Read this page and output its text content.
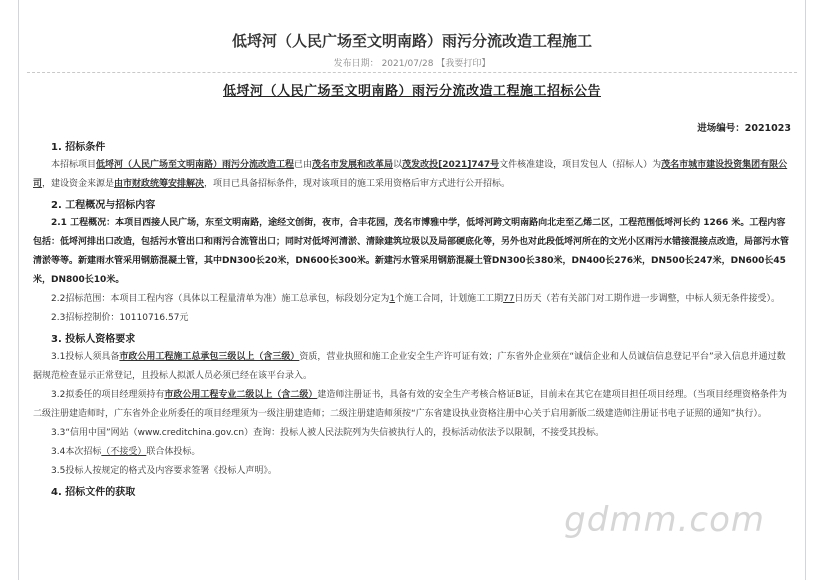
低埒河（人民广场至文明南路）雨污分流改造工程施工
发布日期： 2021/07/28 【我要打印】
低埒河（人民广场至文明南路）雨污分流改造工程施工招标公告
进场编号：2021023

1. 招标条件

本招标项目低埒河（人民广场至文明南路）雨污分流改造工程已由茂名市发展和改革局以茂发改投[2021]747号文件核准建设，项目发包人（招标人）为茂名市城市建设投资集团有限公司，建设资金来源是由市财政统筹安排解决，项目已具备招标条件，现对该项目的施工采用资格后审方式进行公开招标。

2. 工程概况与招标内容

2.1 工程概况：本项目西接人民广场，东至文明南路，途经文创街，夜市，合丰花园，茂名市博雅中学，低埒河跨文明南路向北走至乙烯二区，工程范围低埒河长约 1266 米。工程内容包括：低埒河排出口改造，包括污水管出口和雨污合流管出口；同时对低埒河清淤、清除建筑垃圾以及局部硬底化等，另外也对此段低埒河所在的文光小区雨污水错接混接点改造，局部污水管清淤等等。新建雨水管采用钢筋混凝土管，其中DN300长20米，DN600长300米。新建污水管采用钢筋混凝土管DN300长380米，DN400长276米，DN500长247米，DN600长45米，DN800长10米。

2.2招标范围：本项目工程内容（具体以工程量清单为准）施工总承包，标段划分定为1个施工合同，计划施工工期77日历天（若有关部门对工期作进一步调整，中标人须无条件接受）。

2.3招标控制价：10110716.57元

3. 投标人资格要求

3.1投标人须具备市政公用工程施工总承包三级以上（含三级）资质，营业执照和施工企业安全生产许可证有效；广东省外企业须在“诚信企业和人员诚信信息登记平台”录入信息并通过数据规范检查显示正常登记，且投标人拟派人员必须已经在该平台录入。

3.2拟委任的项目经理须持有市政公用工程专业二级以上（含二级）建造师注册证书，具备有效的安全生产考核合格证B证，目前未在其它在建项目担任项目经理。（当项目经理资格条件为二级注册建造师时，广东省外企业所委任的项目经理须为一级注册建造师；二级注册建造师须按“广东省建设执业资格注册中心关于启用新版二级建造师注册证书电子证照的通知”执行）。

3.3“信用中国”网站（www.creditchina.gov.cn）查询：投标人被人民法院列为失信被执行人的，投标活动依法予以限制，不接受其投标。

3.4本次招标（不接受）联合体投标。

3.5投标人按规定的格式及内容要求签署《投标人声明》。

4. 招标文件的获取

gdmm.com
